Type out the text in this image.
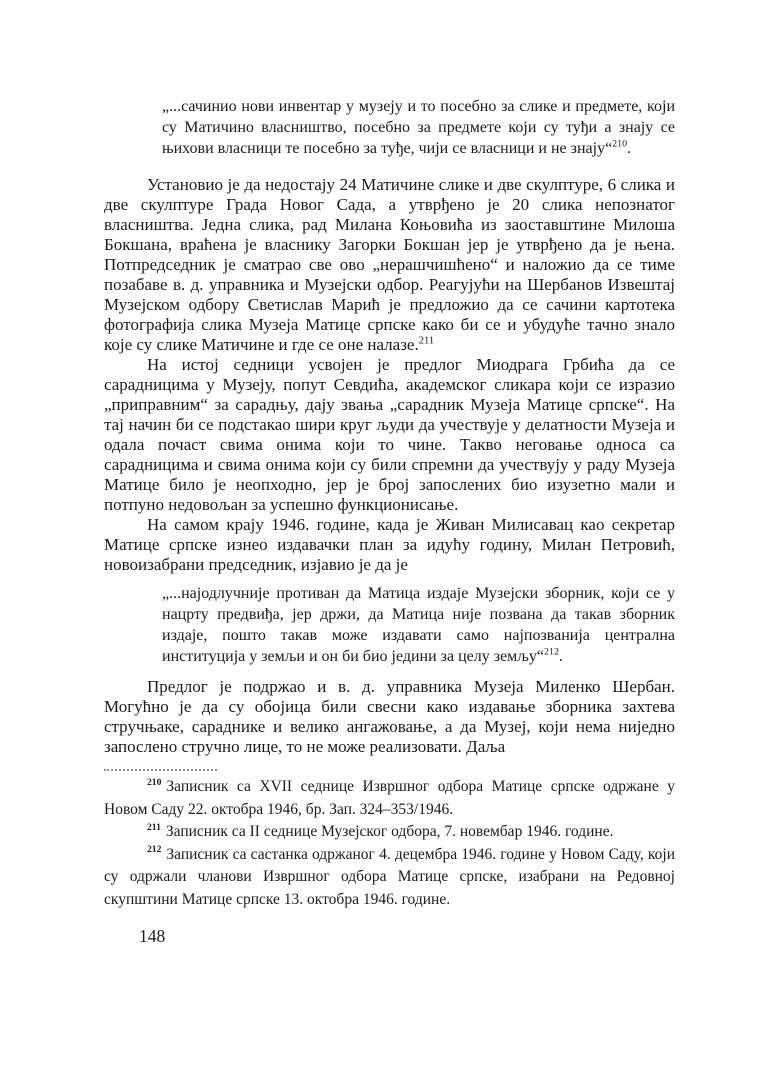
„...сачинио нови инвентар у музеју и то посебно за слике и предмете, који су Матичино власништво, посебно за предмете који су туђи а знају се њихови власници те посебно за туђе, чији се власници и не знају“$^{210}$.

Установио је да недостају 24 Матичине слике и две скулптуре, 6 слика и две скулптуре Града Новог Сада, а утврђено је 20 слика непознатог власништва. Једна слика, рад Милана Коњовића из заоставштине Милоша Бокшана, враћена је власнику Загорки Бокшан јер је утврђено да је њена. Потпредседник је сматрао све ово „нерашчишћено“ и наложио да се тиме позабаве в. д. управника и Музејски одбор. Реагујући на Шербанов Извештај Музејском одбору Светислав Марић је предложио да се сачини картотека фотографија слика Музеја Матице српске како би се и убудуће тачно знало које су слике Матичине и где се оне налазе.$^{211}$

На истој седници усвојен је предлог Миодрага Грбића да се сарадницима у Музеју, попут Севдића, академског сликара који се изразио „приправним“ за сарадњу, дају звања „сарадник Музеја Матице српске“. На тај начин би се подстакао шири круг људи да учествује у делатности Музеја и одала почаст свима онима који то чине. Такво неговање односа са сарадницима и свима онима који су били спремни да учествују у раду Музеја Матице било је неопходно, јер је број запослених био изузетно мали и потпуно недовољан за успешно функционисање.

На самом крају 1946. године, када је Живан Милисавац као секретар Матице српске изнео издавачки план за идућу годину, Милан Петровић, новоизабрани председник, изјавио је да је

„...најодлучније противан да Матица издаје Музејски зборник, који се у нацрту предвиђа, јер држи, да Матица није позвана да такав зборник издаје, пошто такав може издавати само најпозванија централна институција у земљи и он би био једини за целу земљу“$^{212}$.

Предлог је подржао и в. д. управника Музеја Миленко Шербан. Могућно је да су обојица били свесни како издавање зборника захтева стручњаке, сараднике и велико ангажовање, а да Музеј, који нема ниједно запослено стручно лице, то не може реализовати. Даља

$^{210}$ Записник са XVII седнице Извршног одбора Матице српске одржане у Новом Саду 22. октобра 1946, бр. Зап. 324–353/1946.

$^{211}$ Записник са II седнице Музејског одбора, 7. новембар 1946. године.

$^{212}$ Записник са састанка одржаног 4. децембра 1946. године у Новом Саду, који су одржали чланови Извршног одбора Матице српске, изабрани на Редовној скупштини Матице српске 13. октобра 1946. године.

148
